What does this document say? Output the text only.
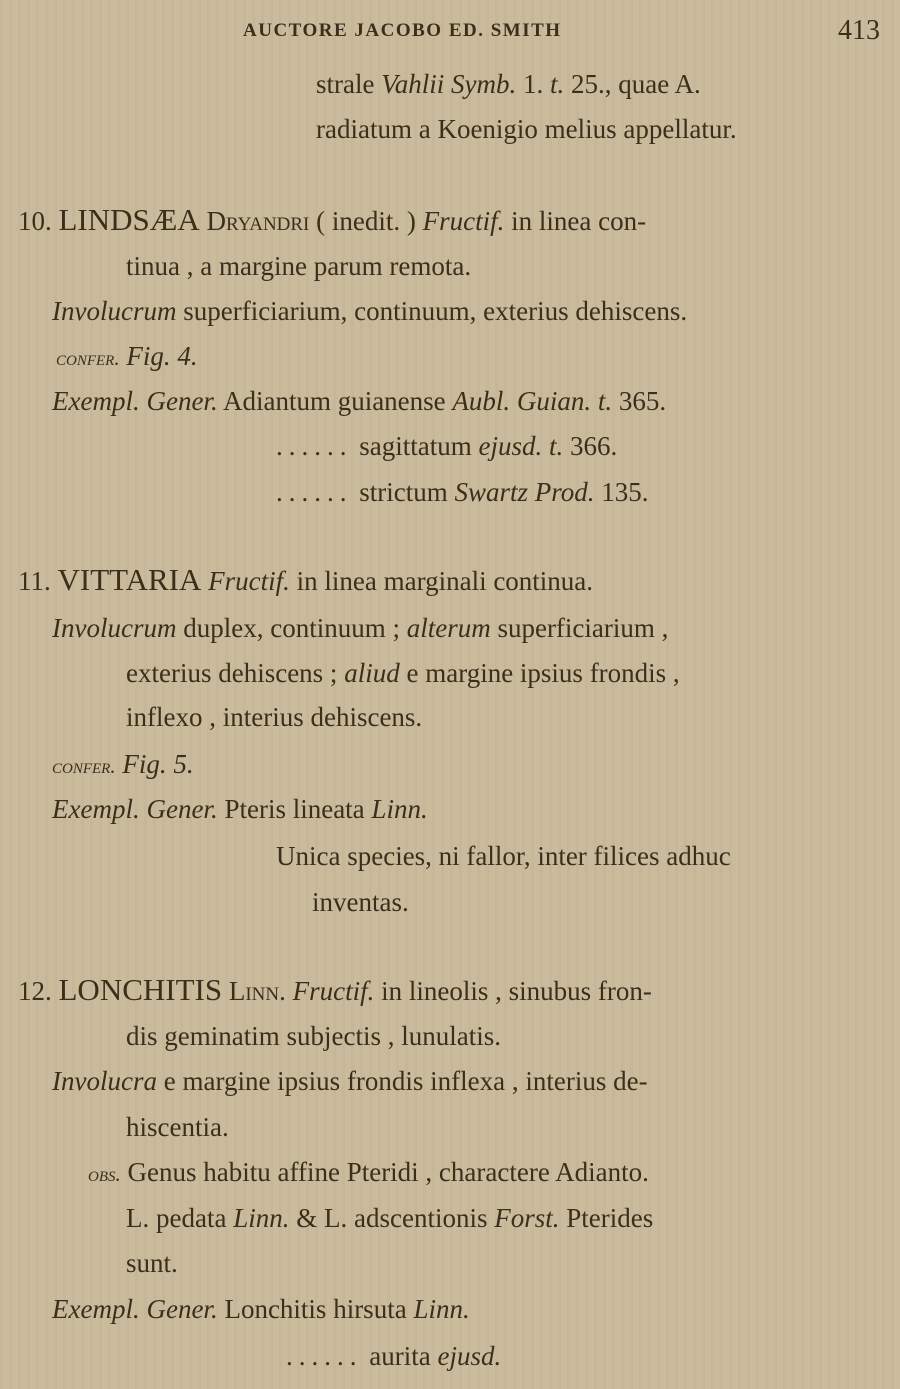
AUCTORE JACOBO ED. SMITH	413
strale Vahlii Symb. 1. t. 25., quae A.
radiatum a Koenigio melius appellatur.
10. LINDSÆA Dryandri ( inedit. ) Fructif. in linea con-
tinua , a margine parum remota.
Involucrum superficiarium, continuum, exterius dehiscens.
confer. Fig. 4.
Exempl. Gener. Adiantum guianense Aubl. Guian. t. 365.
...... sagittatum ejusd. t. 366.
...... strictum Swartz Prod. 135.
11. VITTARIA Fructif. in linea marginali continua.
Involucrum duplex, continuum ; alterum superficiarium ,
exterius dehiscens ; aliud e margine ipsius frondis ,
inflexo , interius dehiscens.
confer. Fig. 5.
Exempl. Gener. Pteris lineata Linn.
Unica species, ni fallor, inter filices adhuc
inventas.
12. LONCHITIS Linn. Fructif. in lineolis , sinubus fron-
dis geminatim subjectis , lunulatis.
Involucra e margine ipsius frondis inflexa , interius de-
hiscentia.
obs. Genus habitu affine Pteridi , charactere Adianto.
L. pedata Linn. & L. adscentionis Forst. Pterides
sunt.
Exempl. Gener. Lonchitis hirsuta Linn.
...... aurita ejusd.
